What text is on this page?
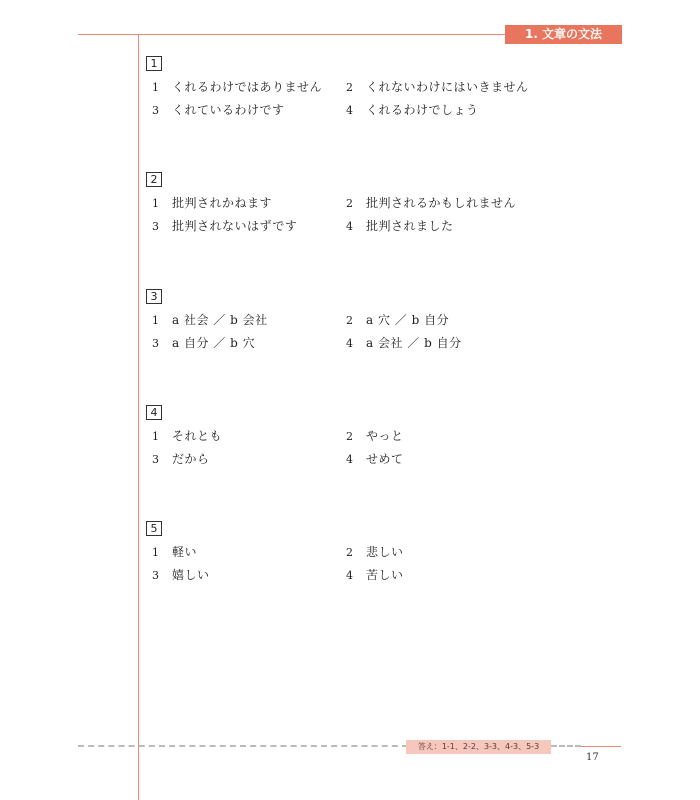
1. 文章の文法
1
1 くれるわけではありません 2 くれないわけにはいきません
3 くれているわけです	4 くれるわけでしょう
2
1 批判されかねます	2 批判されるかもしれません
3 批判されないはずです	4 批判されました
3
1 a 社会 ／ b 会社	2 a 穴 ／ b 自分
3 a 自分 ／ b 穴	4 a 会社 ／ b 自分
4
1 それとも	2 やっと
3 だから	4 せめて
5
1 軽い	2 悲しい
3 嬉しい	4 苦しい
答え：1-1、2-2、3-3、4-3、5-3
17
